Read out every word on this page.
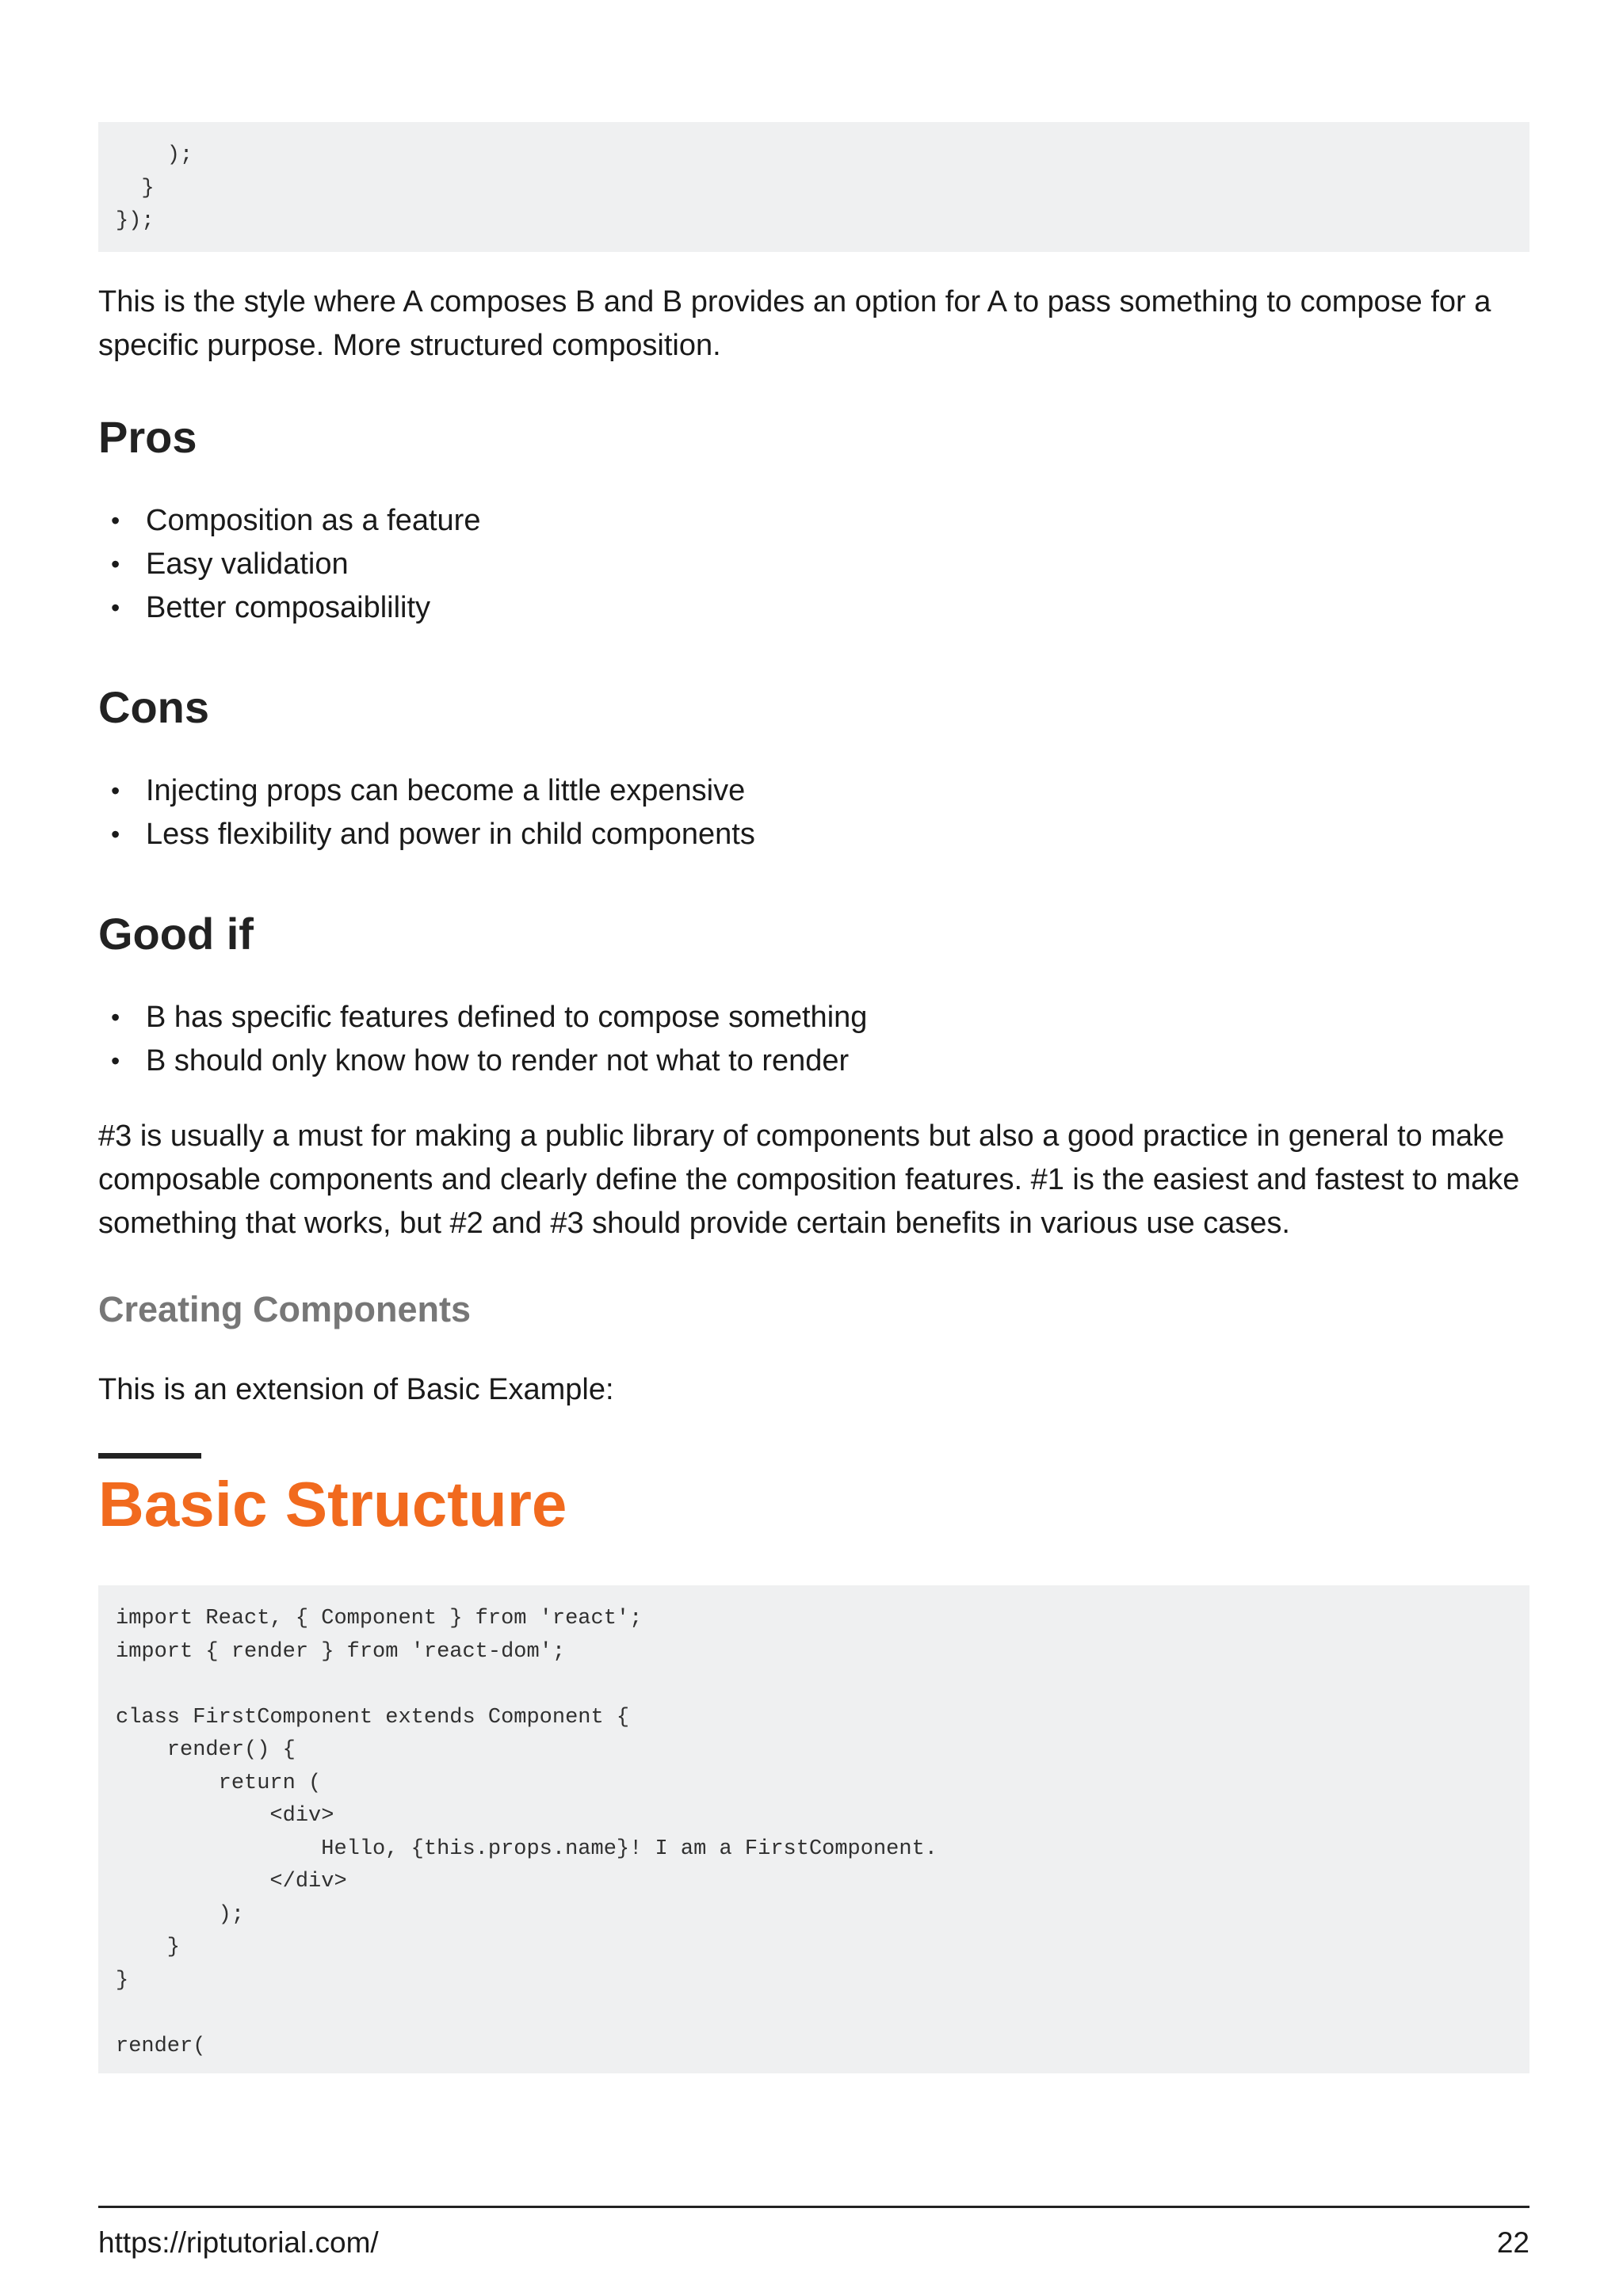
);
}
});

This is the style where A composes B and B provides an option for A to pass something to compose for a specific purpose. More structured composition.

Pros
• Composition as a feature
• Easy validation
• Better composaiblility
Cons
• Injecting props can become a little expensive
• Less flexibility and power in child components
Good if
• B has specific features defined to compose something
• B should only know how to render not what to render

#3 is usually a must for making a public library of components but also a good practice in general to make composable components and clearly define the composition features. #1 is the easiest and fastest to make something that works, but #2 and #3 should provide certain benefits in various use cases.

Creating Components

This is an extension of Basic Example:

Basic Structure
import React, { Component } from 'react';
import { render } from 'react-dom';
class FirstComponent extends Component {
render() {
return (
<div>
Hello, {this.props.name}! I am a FirstComponent.
</div>
);
}
}
render(
https://riptutorial.com/	22
